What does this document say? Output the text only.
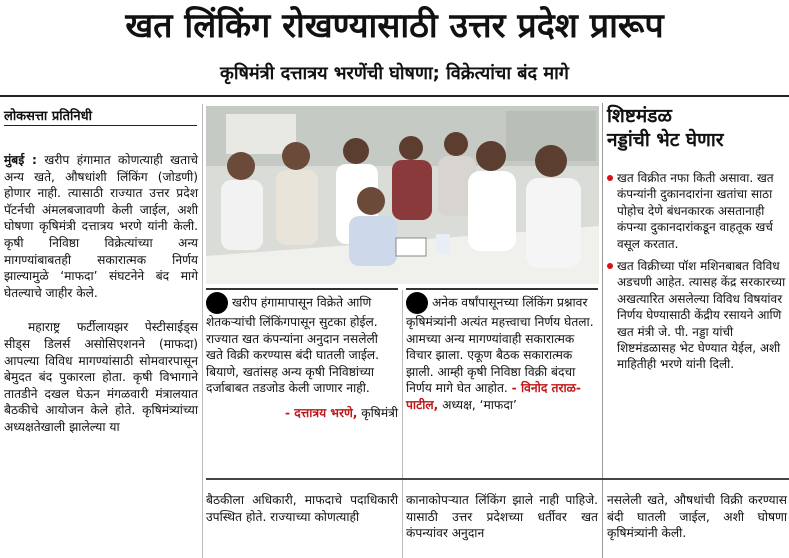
खत लिंकिंग रोखण्यासाठी उत्तर प्रदेश प्रारूप
कृषिमंत्री दत्तात्रय भरणेंची घोषणा; विक्रेत्यांचा बंद मागे
लोकसत्ता प्रतिनिधी

मुंबई : खरीप हंगामात कोणत्याही खताचे अन्य खते, औषधांशी लिंकिंग (जोडणी) होणार नाही. त्यासाठी राज्यात उत्तर प्रदेश पॅटर्नची अंमलबजावणी केली जाईल, अशी घोषणा कृषिमंत्री दत्तात्रय भरणे यांनी केली. कृषी निविष्ठा विक्रेत्यांच्या अन्य मागण्यांबाबतही सकारात्मक निर्णय झाल्यामुळे ‘माफदा’ संघटनेने बंद मागे घेतल्याचे जाहीर केले.

महाराष्ट्र फर्टीलायझर पेस्टीसाईड्स सीड्स डिलर्स असोसिएशनने (माफदा) आपल्या विविध मागण्यांसाठी सोमवारपासून बेमुदत बंद पुकारला होता. कृषी विभागाने तातडीने दखल घेऊन मंगळवारी मंत्रालयात बैठकीचे आयोजन केले होते. कृषिमंत्र्यांच्या अध्यक्षतेखाली झालेल्या या

खरीप हंगामापासून विक्रेते आणि शेतकऱ्यांची लिंकिंगपासून सुटका होईल. राज्यात खत कंपन्यांना अनुदान नसलेली खते विक्री करण्यास बंदी घातली जाईल. बियाणे, खतांसह अन्य कृषी निविष्ठांच्या दर्जाबाबत तडजोड केली जाणार नाही.
- दत्तात्रय भरणे, कृषिमंत्री
अनेक वर्षांपासूनच्या लिंकिंग प्रश्नावर कृषिमंत्र्यांनी अत्यंत महत्त्वाचा निर्णय घेतला. आमच्या अन्य मागण्यांवाही सकारात्मक विचार झाला. एकूण बैठक सकारात्मक झाली. आम्ही कृषी निविष्ठा विक्री बंदचा निर्णय मागे घेत आहोत. - विनोद तराळ- पाटील, अध्यक्ष, ‘माफदा’
शिष्टमंडळ
नड्डांची भेट घेणार

खत विक्रीत नफा किती असावा. खत कंपन्यांनी दुकानदारांना खतांचा साठा पोहोच देणे बंधनकारक असतानाही कंपन्या दुकानदारांकडून वाहतूक खर्च वसूल करतात.

खत विक्रीच्या पॉश मशिनबाबत विविध अडचणी आहेत. त्यासह केंद्र सरकारच्या अखत्यारित असलेल्या विविध विषयांवर निर्णय घेण्यासाठी केंद्रीय रसायने आणि खत मंत्री जे. पी. नड्डा यांची शिष्टमंडळासह भेट घेण्यात येईल, अशी माहितीही भरणे यांनी दिली.

बैठकीला अधिकारी, माफदाचे पदाधिकारी उपस्थित होते. राज्याच्या कोणत्याही

कानाकोपऱ्यात लिंकिंग झाले नाही पाहिजे. यासाठी उत्तर प्रदेशच्या धर्तीवर खत कंपन्यांवर अनुदान

नसलेली खते, औषधांची विक्री करण्यास बंदी घातली जाईल, अशी घोषणा कृषिमंत्र्यांनी केली.
